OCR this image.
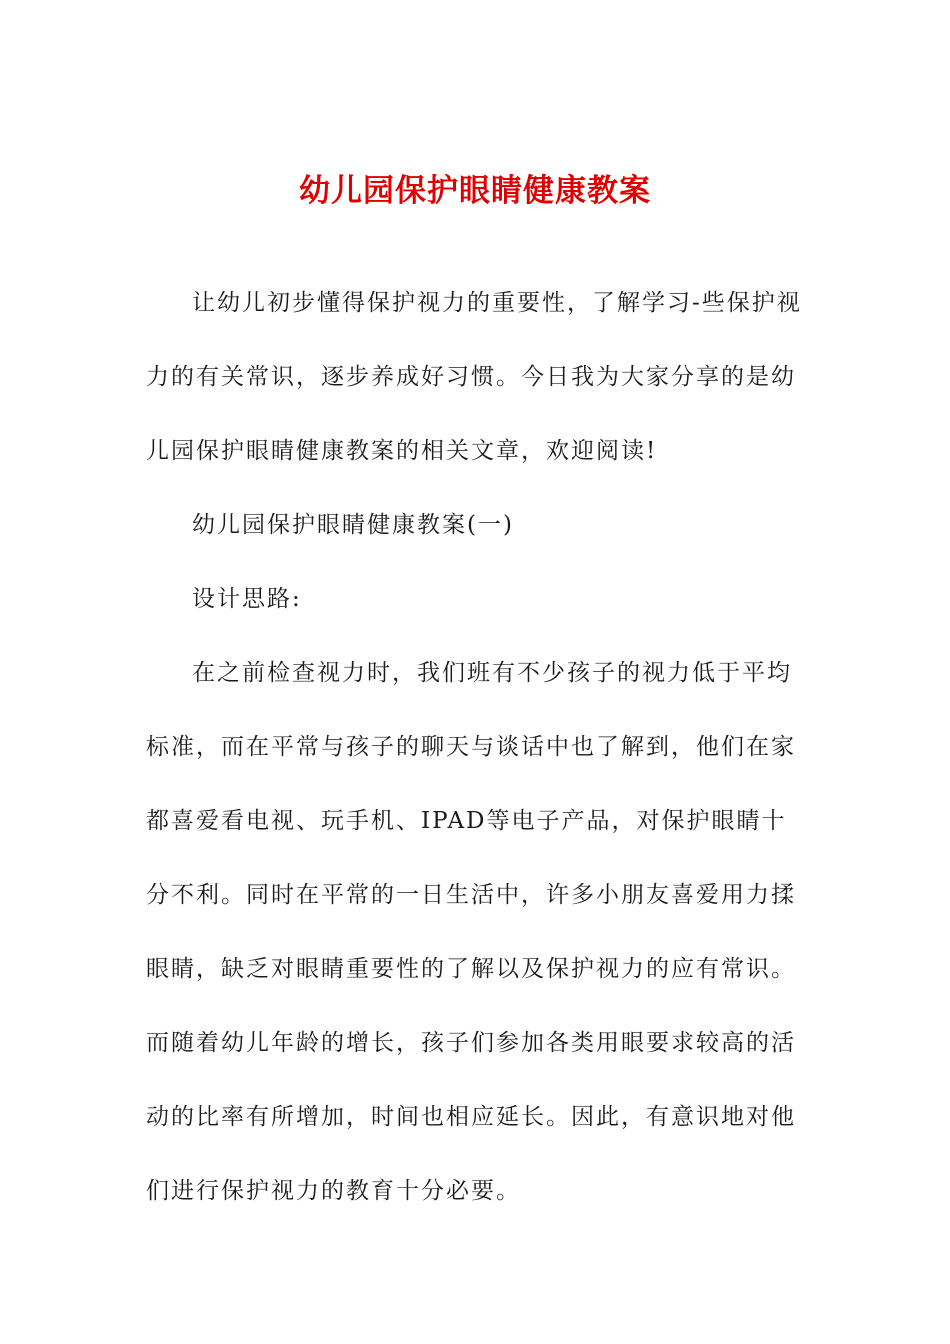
幼儿园保护眼睛健康教案

让幼儿初步懂得保护视力的重要性，了解学习-些保护视力的有关常识，逐步养成好习惯。今日我为大家分享的是幼儿园保护眼睛健康教案的相关文章，欢迎阅读!

幼儿园保护眼睛健康教案(一)

设计思路:

在之前检查视力时，我们班有不少孩子的视力低于平均标准，而在平常与孩子的聊天与谈话中也了解到，他们在家都喜爱看电视、玩手机、IPAD等电子产品，对保护眼睛十分不利。同时在平常的一日生活中，许多小朋友喜爱用力揉眼睛，缺乏对眼睛重要性的了解以及保护视力的应有常识。而随着幼儿年龄的增长，孩子们参加各类用眼要求较高的活动的比率有所增加，时间也相应延长。因此，有意识地对他们进行保护视力的教育十分必要。
